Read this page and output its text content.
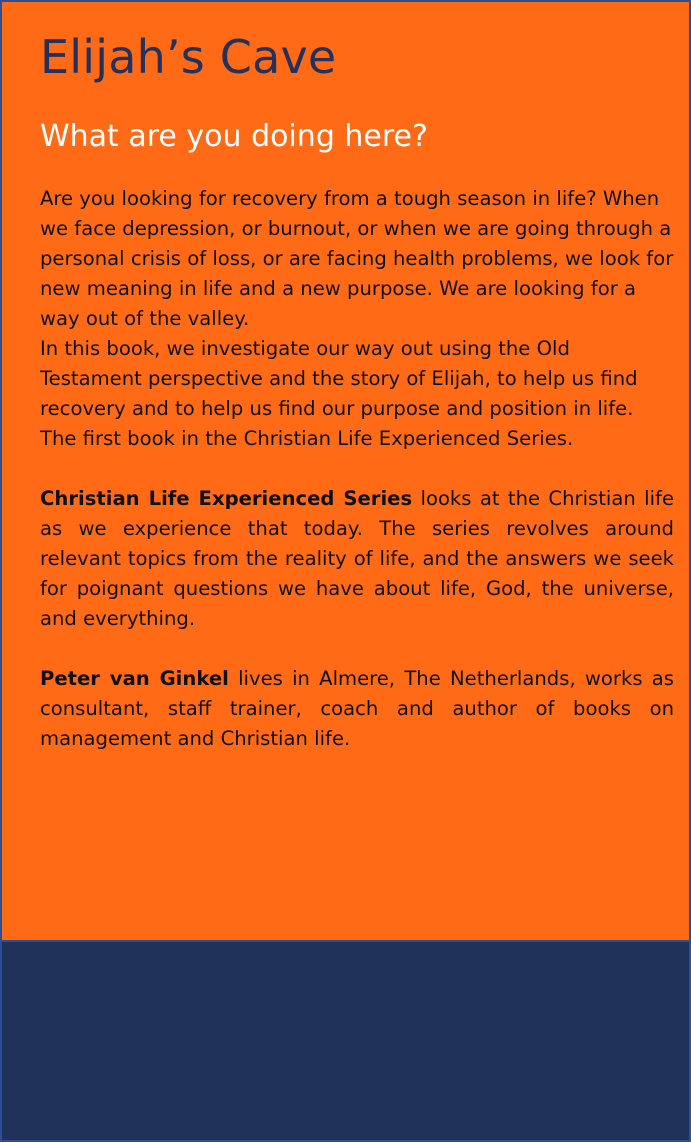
Elijah’s Cave
What are you doing here?

Are you looking for recovery from a tough season in life? When we face depression, or burnout, or when we are going through a personal crisis of loss, or are facing health problems, we look for new meaning in life and a new purpose. We are looking for a way out of the valley.

In this book, we investigate our way out using the Old Testament perspective and the story of Elijah, to help us find recovery and to help us find our purpose and position in life. The first book in the Christian Life Experienced Series.

Christian Life Experienced Series looks at the Christian life as we experience that today. The series revolves around relevant topics from the reality of life, and the answers we seek for poignant questions we have about life, God, the universe, and everything.

Peter van Ginkel lives in Almere, The Netherlands, works as consultant, staff trainer, coach and author of books on management and Christian life.
